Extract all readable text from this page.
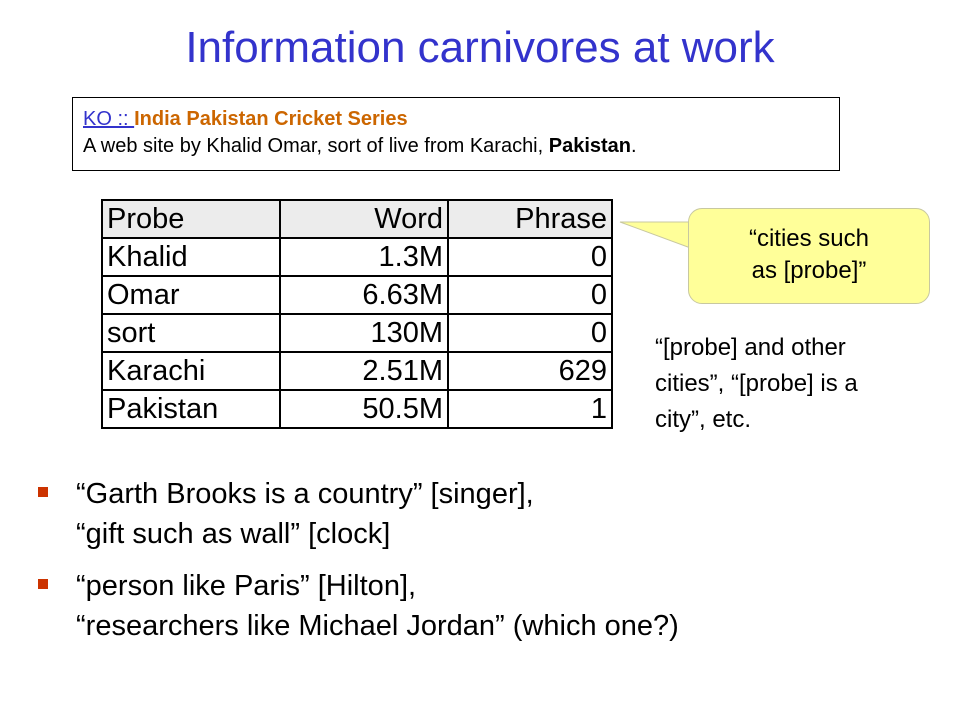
Information carnivores at work
KO :: India Pakistan Cricket Series
A web site by Khalid Omar, sort of live from Karachi, Pakistan.
Probe	Word	Phrase
Khalid	1.3M	0
Omar	6.63M	0
sort	130M	0
Karachi	2.51M	629
Pakistan	50.5M	1
“cities such
as [probe]”
“[probe] and other
cities”, “[probe] is a
city”, etc.
“Garth Brooks is a country” [singer],
“gift such as wall” [clock]
“person like Paris” [Hilton],
“researchers like Michael Jordan” (which one?)
